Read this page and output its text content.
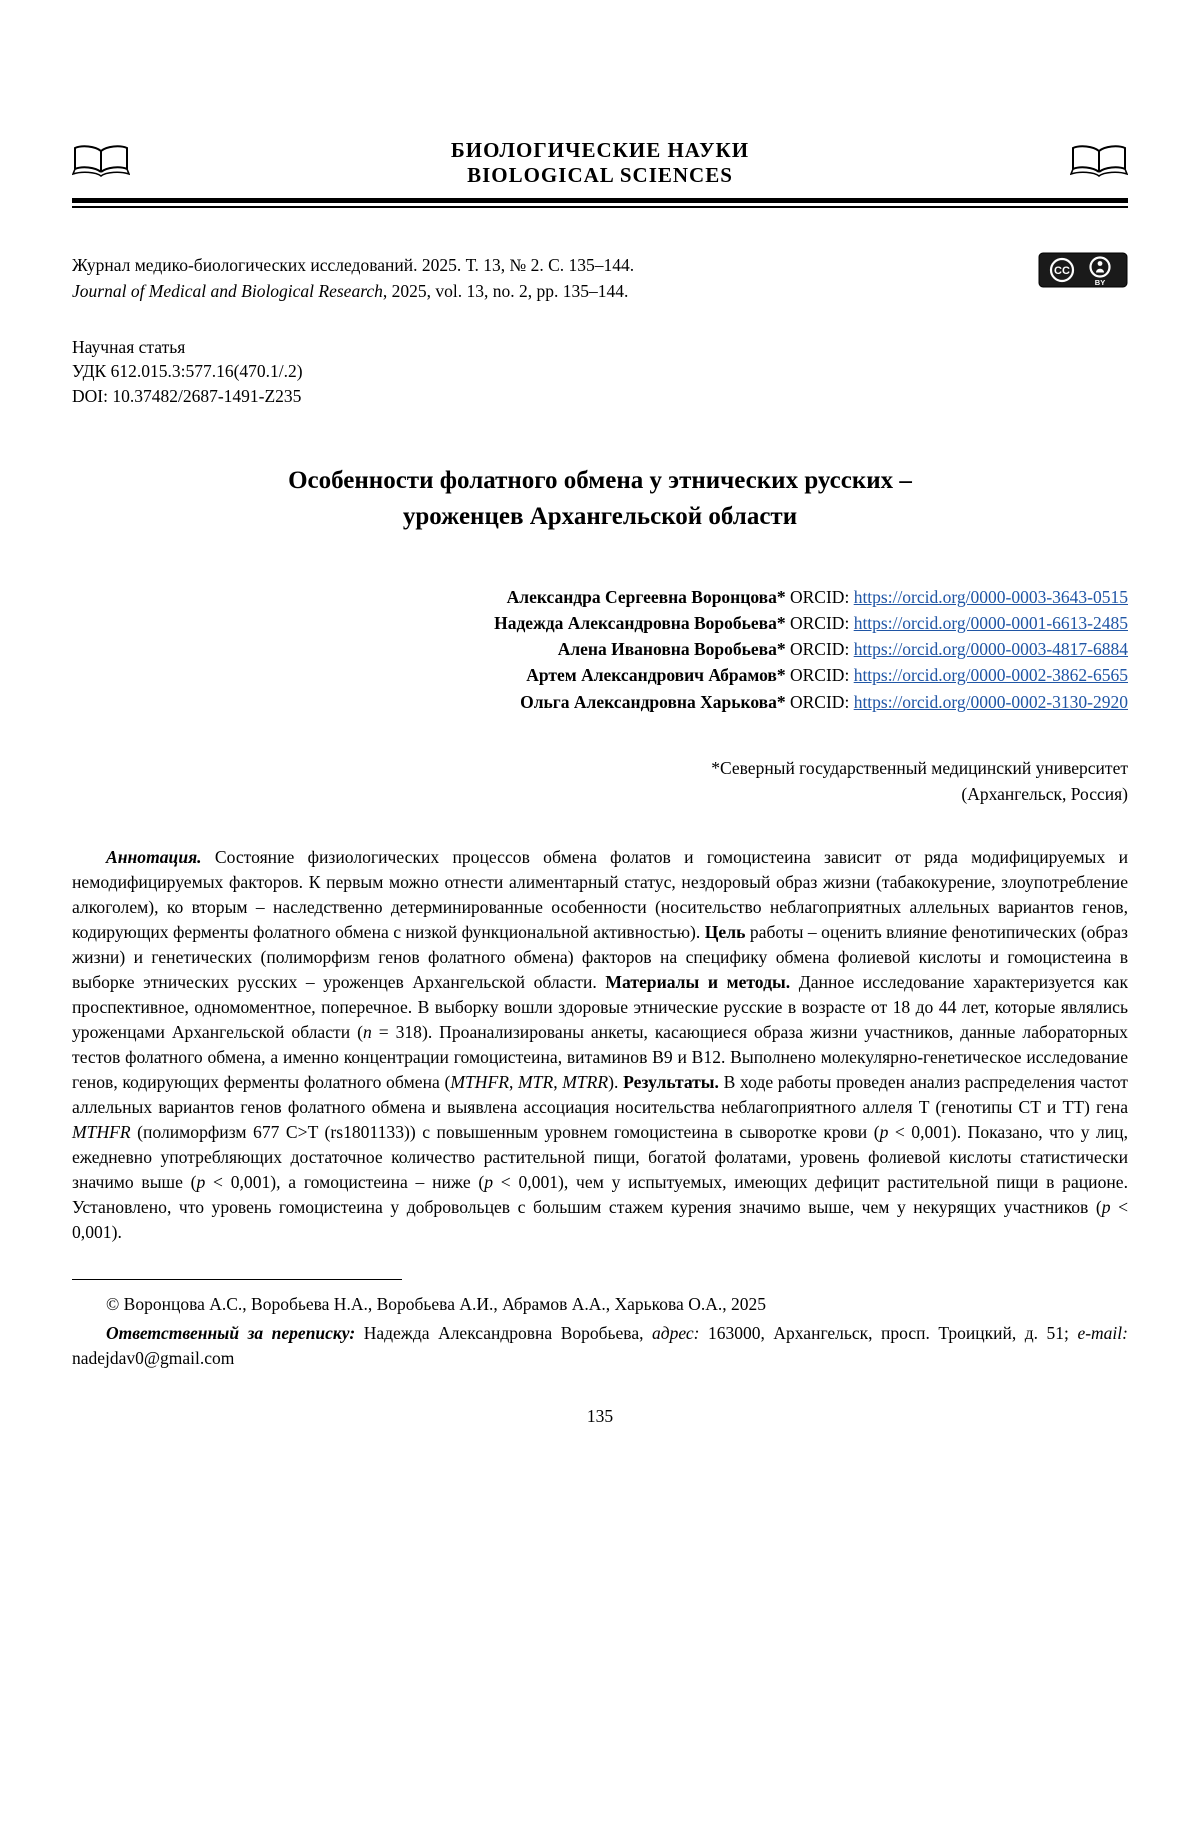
БИОЛОГИЧЕСКИЕ НАУКИ
BIOLOGICAL SCIENCES
Журнал медико-биологических исследований. 2025. Т. 13, № 2. С. 135–144.
Journal of Medical and Biological Research, 2025, vol. 13, no. 2, pp. 135–144.
CC
BY
Научная статья
УДК 612.015.3:577.16(470.1/.2)
DOI: 10.37482/2687-1491-Z235
Особенности фолатного обмена у этнических русских –
уроженцев Архангельской области
Александра Сергеевна Воронцова* ORCID: https://orcid.org/0000-0003-3643-0515
Надежда Александровна Воробьева* ORCID: https://orcid.org/0000-0001-6613-2485
Алена Ивановна Воробьева* ORCID: https://orcid.org/0000-0003-4817-6884
Артем Александрович Абрамов* ORCID: https://orcid.org/0000-0002-3862-6565
Ольга Александровна Харькова* ORCID: https://orcid.org/0000-0002-3130-2920
*Северный государственный медицинский университет
(Архангельск, Россия)

Аннотация. Состояние физиологических процессов обмена фолатов и гомоцистеина зависит от ряда модифицируемых и немодифицируемых факторов. К первым можно отнести алиментарный статус, нездоровый образ жизни (табакокурение, злоупотребление алкоголем), ко вторым – наследственно детерминированные особенности (носительство неблагоприятных аллельных вариантов генов, кодирующих ферменты фолатного обмена с низкой функциональной активностью). Цель работы – оценить влияние фенотипических (образ жизни) и генетических (полиморфизм генов фолатного обмена) факторов на специфику обмена фолиевой кислоты и гомоцистеина в выборке этнических русских – уроженцев Архангельской области. Материалы и методы. Данное исследование характеризуется как проспективное, одномоментное, поперечное. В выборку вошли здоровые этнические русские в возрасте от 18 до 44 лет, которые являлись уроженцами Архангельской области (n = 318). Проанализированы анкеты, касающиеся образа жизни участников, данные лабораторных тестов фолатного обмена, а именно концентрации гомоцистеина, витаминов B9 и B12. Выполнено молекулярно-генетическое исследование генов, кодирующих ферменты фолатного обмена (MTHFR, MTR, MTRR). Результаты. В ходе работы проведен анализ распределения частот аллельных вариантов генов фолатного обмена и выявлена ассоциация носительства неблагоприятного аллеля T (генотипы CT и TT) гена MTHFR (полиморфизм 677 C>T (rs1801133)) с повышенным уровнем гомоцистеина в сыворотке крови (p < 0,001). Показано, что у лиц, ежедневно употребляющих достаточное количество растительной пищи, богатой фолатами, уровень фолиевой кислоты статистически значимо выше (p < 0,001), а гомоцистеина – ниже (p < 0,001), чем у испытуемых, имеющих дефицит растительной пищи в рационе. Установлено, что уровень гомоцистеина у добровольцев с большим стажем курения значимо выше, чем у некурящих участников (p < 0,001).

© Воронцова А.С., Воробьева Н.А., Воробьева А.И., Абрамов А.А., Харькова О.А., 2025

Ответственный за переписку: Надежда Александровна Воробьева, адрес: 163000, Архангельск, просп. Троицкий, д. 51; e-mail: nadejdav0@gmail.com

135
